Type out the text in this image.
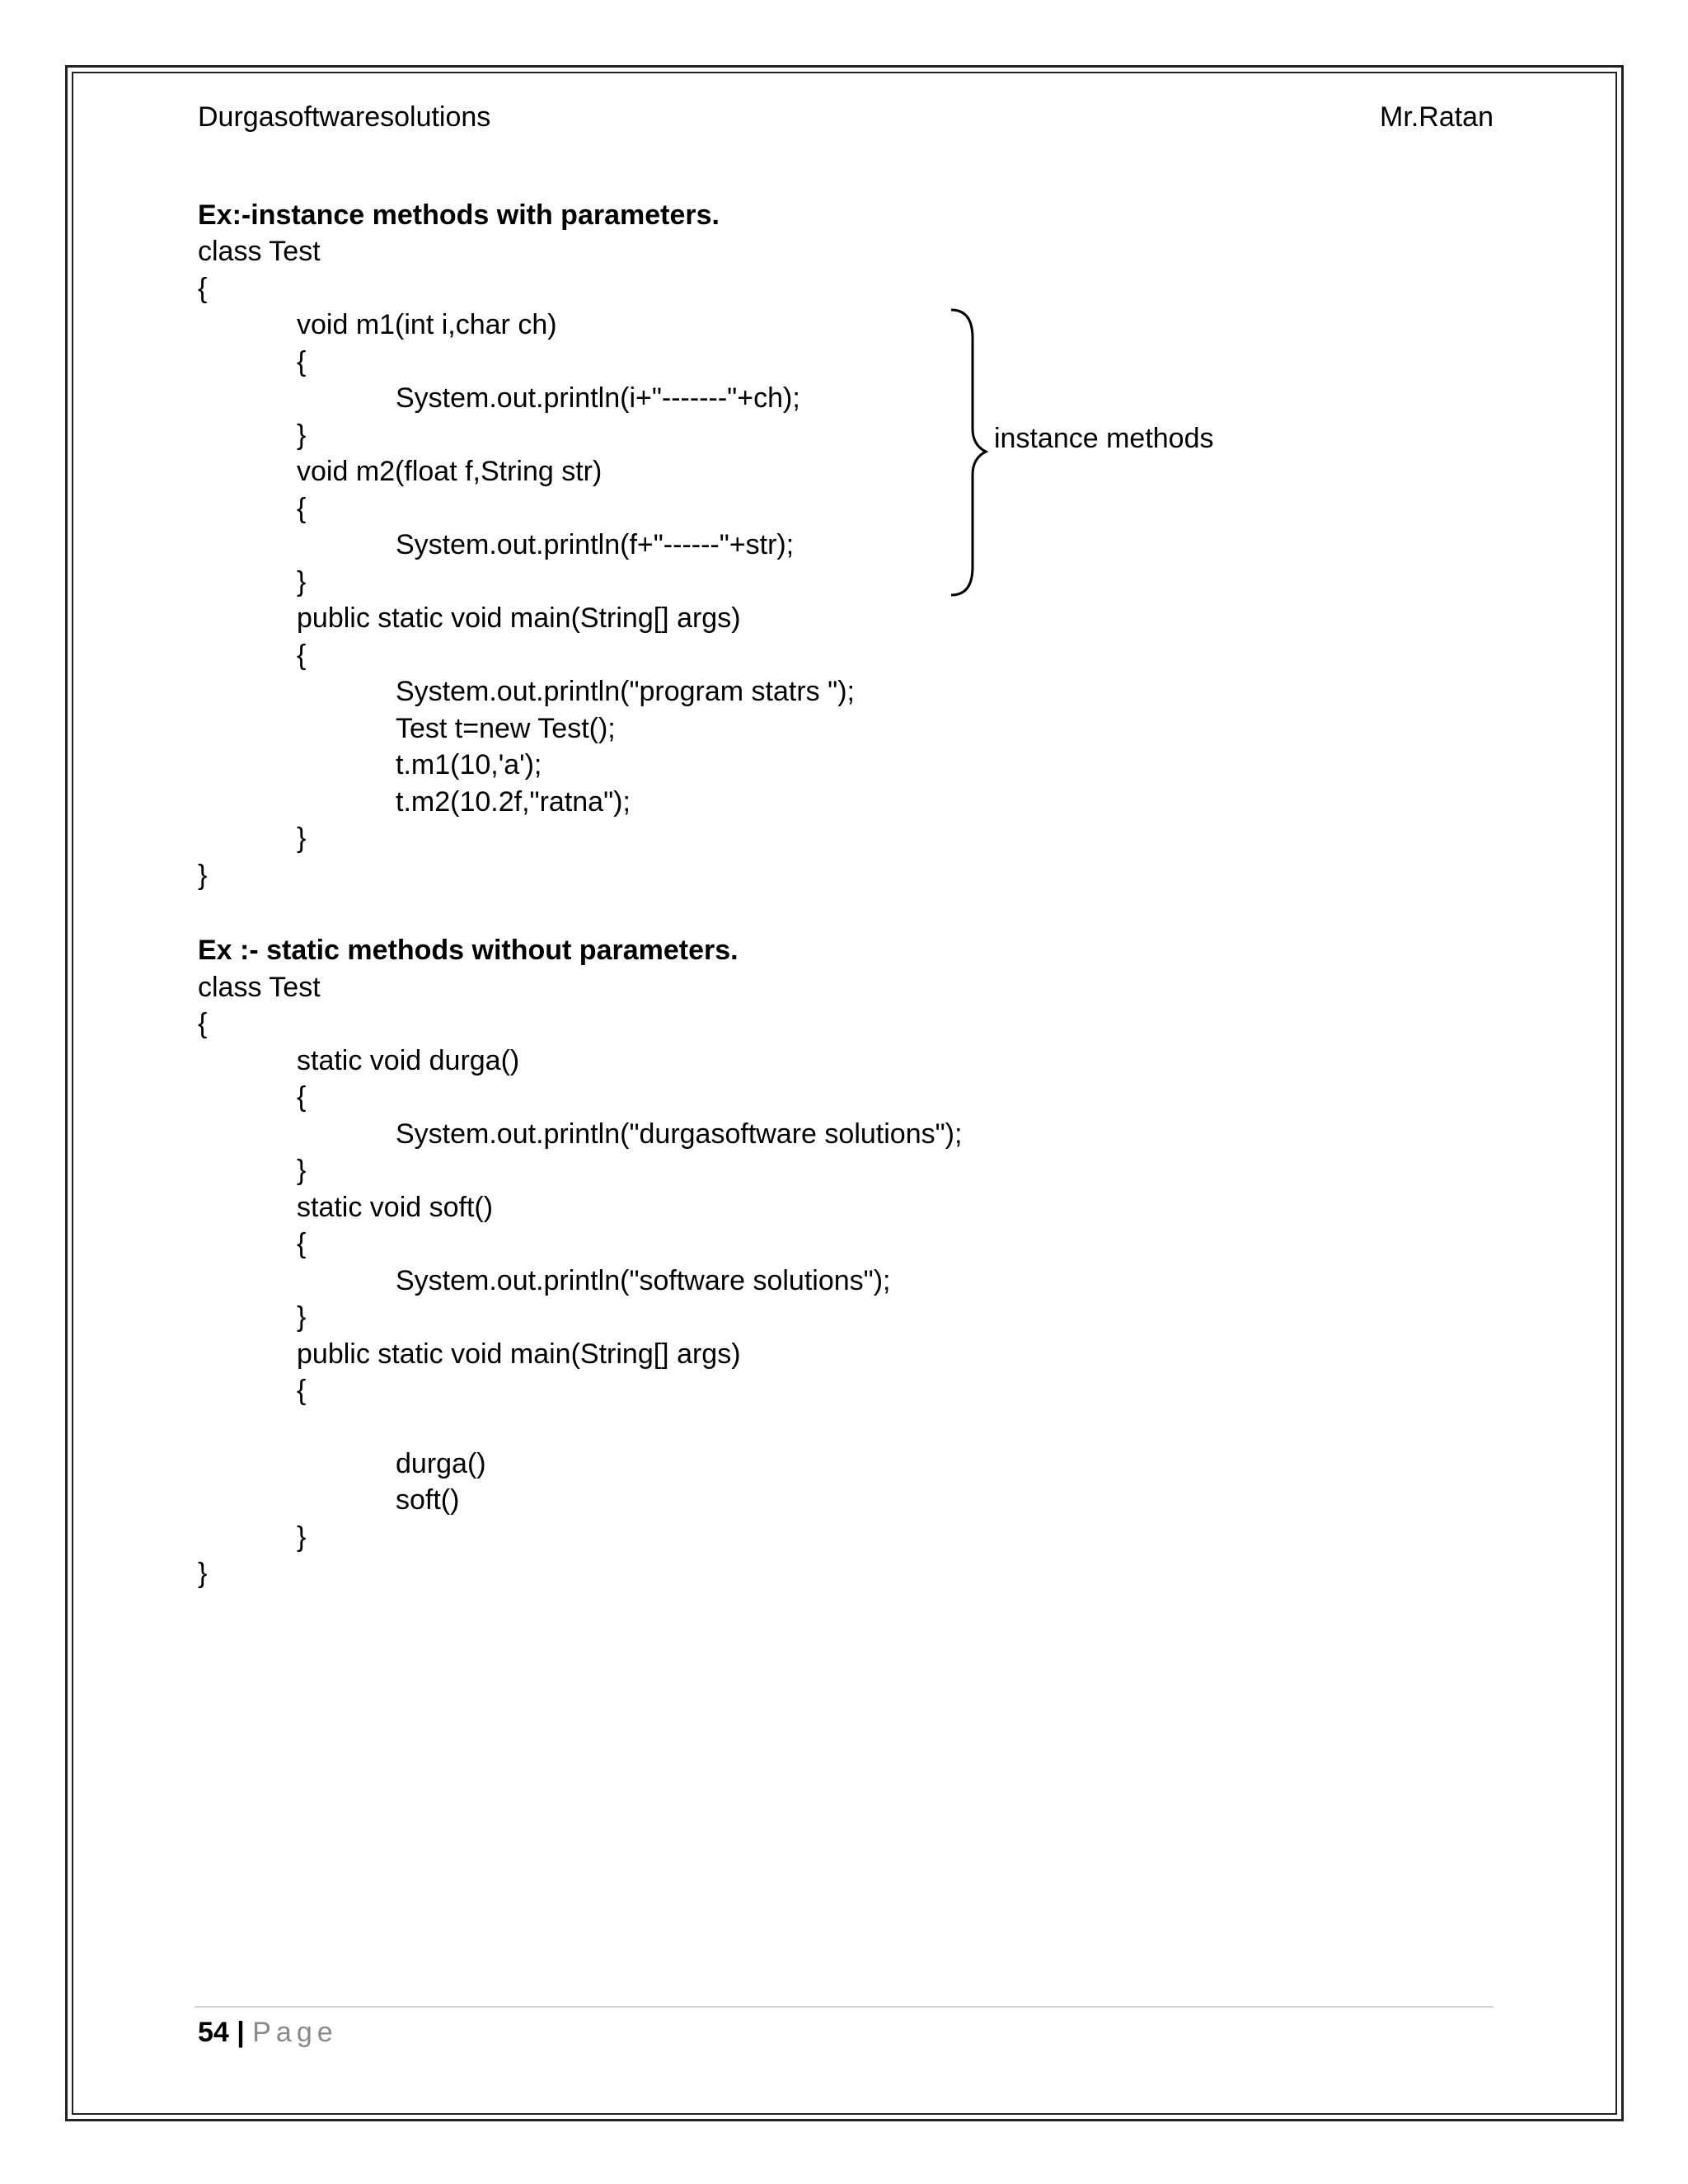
Durgasoftwaresolutions	Mr.Ratan
Ex:-instance methods with parameters.
class Test
{
void m1(int i,char ch)
{
System.out.println(i+"-------"+ch);
}
void m2(float f,String str)
{
System.out.println(f+"------"+str);
}
public static void main(String[] args)
{
System.out.println("program statrs ");
Test t=new Test();
t.m1(10,'a');
t.m2(10.2f,"ratna");
}
}
instance methods
Ex :- static methods without parameters.
class Test
{
static void durga()
{
System.out.println("durgasoftware solutions");
}
static void soft()
{
System.out.println("software solutions");
}
public static void main(String[] args)
{
durga()
soft()
}
}
54 | Page
